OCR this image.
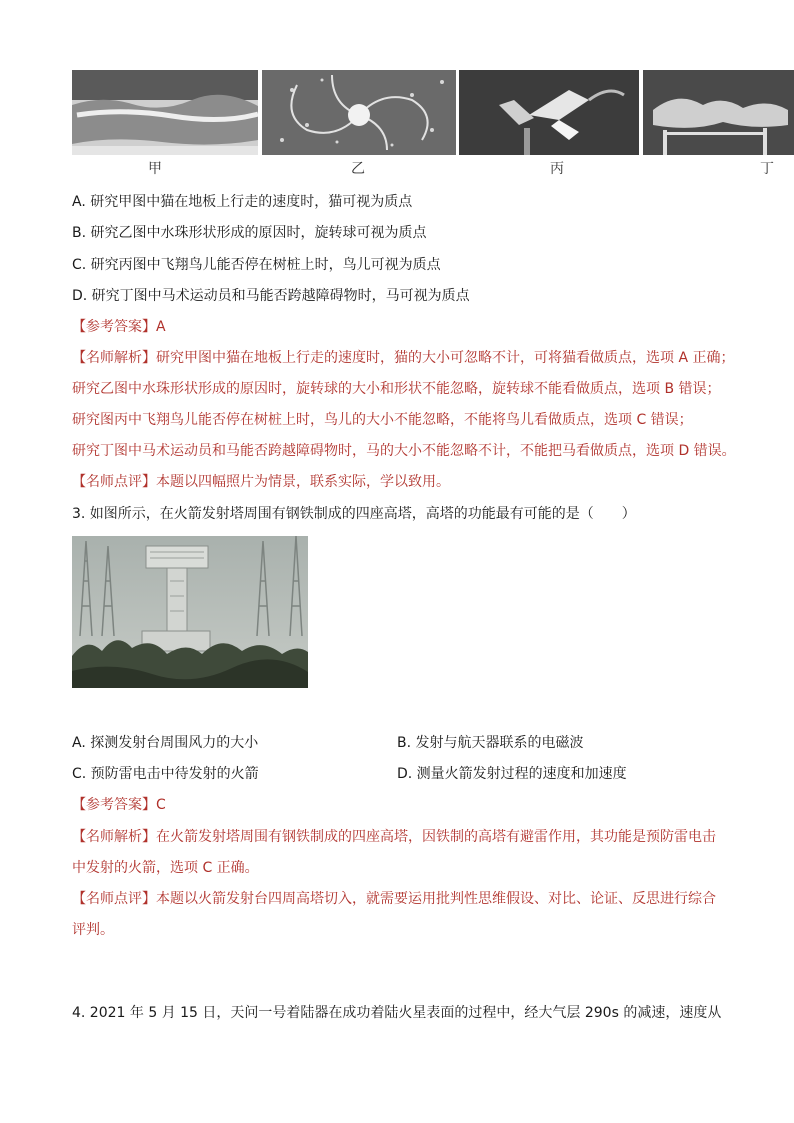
甲	乙	丙	丁
A. 研究甲图中猫在地板上行走的速度时，猫可视为质点
B. 研究乙图中水珠形状形成的原因时，旋转球可视为质点
C. 研究丙图中飞翔鸟儿能否停在树桩上时，鸟儿可视为质点
D. 研究丁图中马术运动员和马能否跨越障碍物时，马可视为质点
【参考答案】A
【名师解析】研究甲图中猫在地板上行走的速度时，猫的大小可忽略不计，可将猫看做质点，选项 A 正确；
研究乙图中水珠形状形成的原因时，旋转球的大小和形状不能忽略，旋转球不能看做质点，选项 B 错误；
研究图丙中飞翔鸟儿能否停在树桩上时，鸟儿的大小不能忽略，不能将鸟儿看做质点，选项 C 错误；
研究丁图中马术运动员和马能否跨越障碍物时，马的大小不能忽略不计，不能把马看做质点，选项 D 错误。
【名师点评】本题以四幅照片为情景，联系实际，学以致用。
3. 如图所示，在火箭发射塔周围有钢铁制成的四座高塔，高塔的功能最有可能的是（　　）
A. 探测发射台周围风力的大小	B. 发射与航天器联系的电磁波
C. 预防雷电击中待发射的火箭	D. 测量火箭发射过程的速度和加速度
【参考答案】C
【名师解析】在火箭发射塔周围有钢铁制成的四座高塔，因铁制的高塔有避雷作用，其功能是预防雷电击
中发射的火箭，选项 C 正确。
【名师点评】本题以火箭发射台四周高塔切入，就需要运用批判性思维假设、对比、论证、反思进行综合
评判。
4. 2021 年 5 月 15 日，天问一号着陆器在成功着陆火星表面的过程中，经大气层 290s 的减速，速度从
